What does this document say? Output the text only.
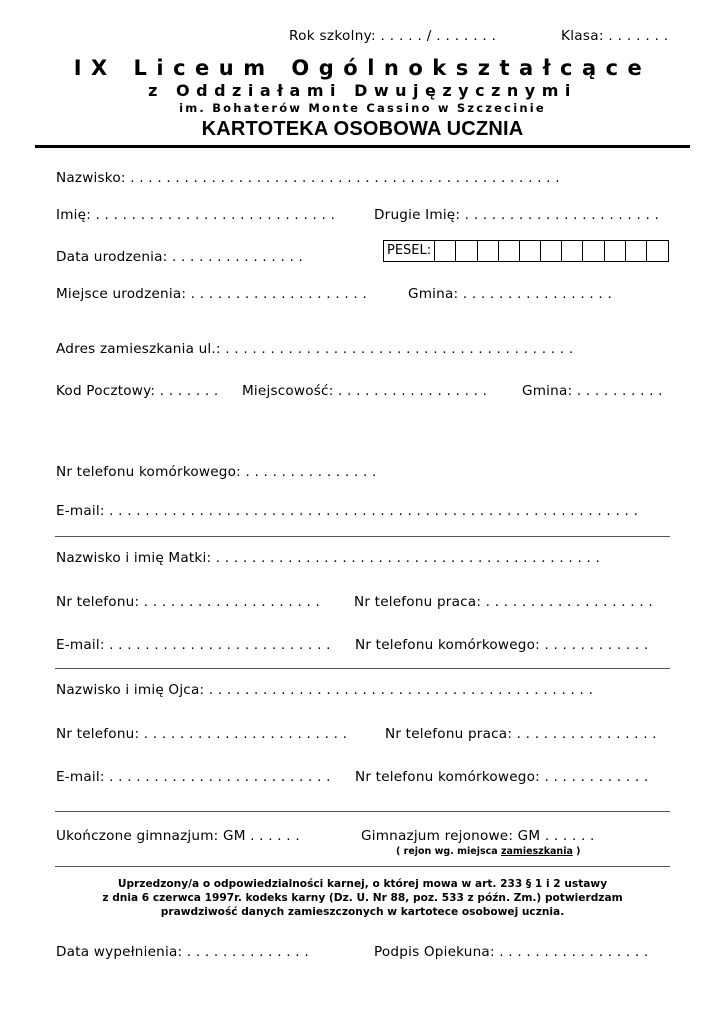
Rok szkolny: . . . . . / . . . . . . .	Klasa: . . . . . . .
IX Liceum Ogólnokształcące
z Oddziałami Dwujęzycznymi
im. Bohaterów Monte Cassino w Szczecinie
KARTOTEKA OSOBOWA UCZNIA
Nazwisko: . . . . . . . . . . . . . . . . . . . . . . . . . . . . . . . . . . . . . . . . . . . . . . . .
Imię: . . . . . . . . . . . . . . . . . . . . . . . . . . .	Drugie Imię: . . . . . . . . . . . . . . . . . . . . . .
Data urodzenia: . . . . . . . . . . . . . . .	PESEL:
Miejsce urodzenia: . . . . . . . . . . . . . . . . . . . .	Gmina: . . . . . . . . . . . . . . . . .
Adres zamieszkania ul.: . . . . . . . . . . . . . . . . . . . . . . . . . . . . . . . . . . . . . . .
Kod Pocztowy: . . . . . . . Miejscowość: . . . . . . . . . . . . . . . . .	Gmina: . . . . . . . . . .
Nr telefonu komórkowego: . . . . . . . . . . . . . . .
E-mail: . . . . . . . . . . . . . . . . . . . . . . . . . . . . . . . . . . . . . . . . . . . . . . . . . . . . . . . . . . .
Nazwisko i imię Matki: . . . . . . . . . . . . . . . . . . . . . . . . . . . . . . . . . . . . . . . . . . .
Nr telefonu: . . . . . . . . . . . . . . . . . . . . Nr telefonu praca: . . . . . . . . . . . . . . . . . . .
E-mail: . . . . . . . . . . . . . . . . . . . . . . . . . Nr telefonu komórkowego: . . . . . . . . . . . .
Nazwisko i imię Ojca: . . . . . . . . . . . . . . . . . . . . . . . . . . . . . . . . . . . . . . . . . . .
Nr telefonu: . . . . . . . . . . . . . . . . . . . . . . .	Nr telefonu praca: . . . . . . . . . . . . . . . .
E-mail: . . . . . . . . . . . . . . . . . . . . . . . . . Nr telefonu komórkowego: . . . . . . . . . . . .
Ukończone gimnazjum: GM . . . . . .	Gimnazjum rejonowe: GM . . . . . .
( rejon wg. miejsca zamieszkania )
Uprzedzony/a o odpowiedzialności karnej, o której mowa w art. 233 § 1 i 2 ustawy
z dnia 6 czerwca 1997r. kodeks karny (Dz. U. Nr 88, poz. 533 z późn. Zm.) potwierdzam
prawdziwość danych zamieszczonych w kartotece osobowej ucznia.
Data wypełnienia: . . . . . . . . . . . . . .	Podpis Opiekuna: . . . . . . . . . . . . . . . . .
